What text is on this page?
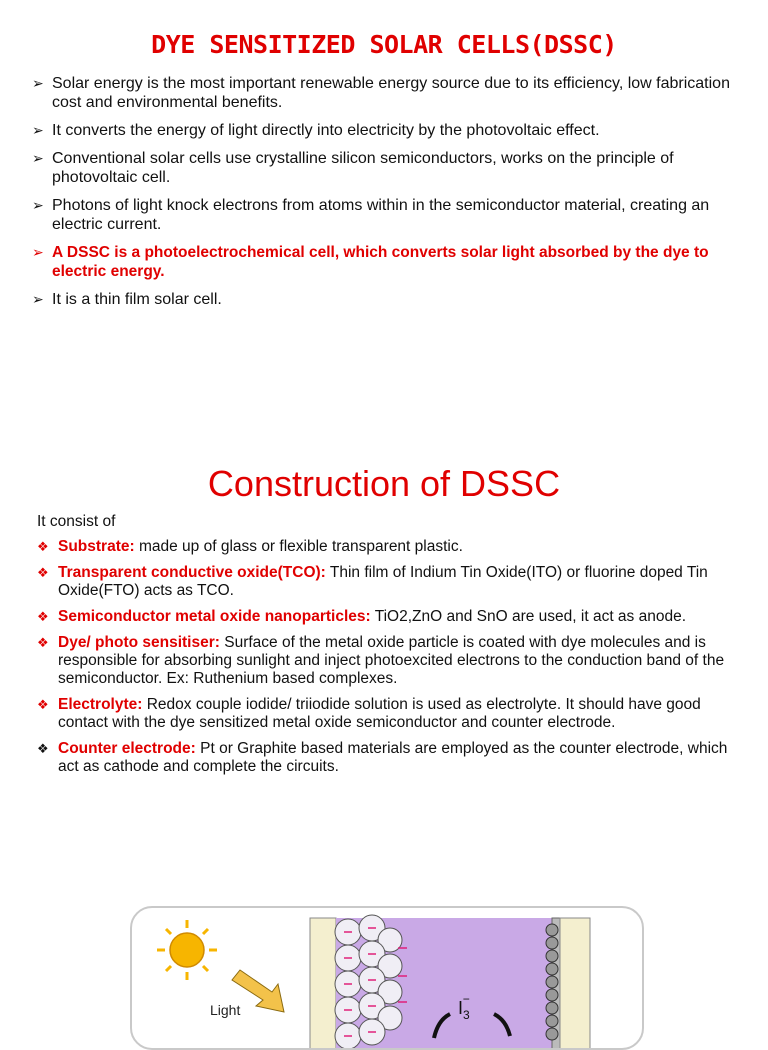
DYE SENSITIZED SOLAR CELLS(DSSC)
➢ Solar energy is the most important renewable energy source due to its efficiency, low fabrication cost and environmental benefits.
➢ It converts the energy of light directly into electricity by the photovoltaic effect.
➢ Conventional solar cells use crystalline silicon semiconductors, works on the principle of photovoltaic cell.
➢ Photons of light knock electrons from atoms within in the semiconductor material, creating an electric current.
➢ A DSSC is a photoelectrochemical cell, which converts solar light absorbed by the dye to electric energy.
➢ It is a thin film solar cell.
Construction of DSSC
It consist of
❖ Substrate: made up of glass or flexible transparent plastic.
❖ Transparent conductive oxide(TCO): Thin film of Indium Tin Oxide(ITO) or fluorine doped Tin Oxide(FTO) acts as TCO.
❖ Semiconductor metal oxide nanoparticles: TiO2,ZnO and SnO are used, it act as anode.
❖ Dye/ photo sensitiser: Surface of the metal oxide particle is coated with dye molecules and is responsible for absorbing sunlight and inject photoexcited electrons to the conduction band of the semiconductor. Ex: Ruthenium based complexes.
❖ Electrolyte: Redox couple iodide/ triiodide solution is used as electrolyte. It should have good contact with the dye sensitized metal oxide semiconductor and counter electrode.
❖ Counter electrode: Pt or Graphite based materials are employed as the counter electrode, which act as cathode and complete the circuits.
Light	$I_3-$
